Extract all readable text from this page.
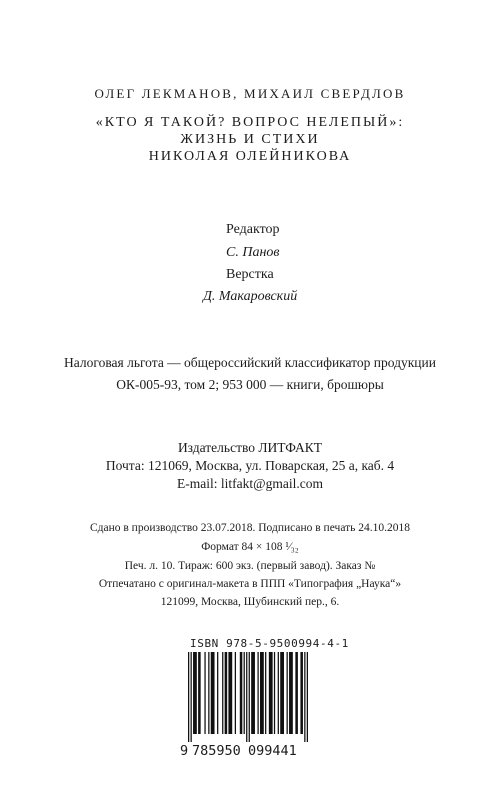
ОЛЕГ ЛЕКМАНОВ, МИХАИЛ СВЕРДЛОВ
«КТО Я ТАКОЙ? ВОПРОС НЕЛЕПЫЙ»:
ЖИЗНЬ И СТИХИ
НИКОЛАЯ ОЛЕЙНИКОВА
Редактор
С. Панов
Верстка
Д. Макаровский
Налоговая льгота — общероссийский классификатор продукции
ОК-005-93, том 2; 953 000 — книги, брошюры
Издательство ЛИТФАКТ
Почта: 121069, Москва, ул. Поварская, 25 а, каб. 4
E-mail: litfakt@gmail.com
Сдано в производство 23.07.2018. Подписано в печать 24.10.2018
Формат 84 × 108 ¹⁄₃₂
Печ. л. 10. Тираж: 600 экз. (первый завод). Заказ №
Отпечатано с оригинал-макета в ППП «Типография „Наука“»
121099, Москва, Шубинский пер., 6.
ISBN 978-5-9500994-4-1
9 785950 099441
